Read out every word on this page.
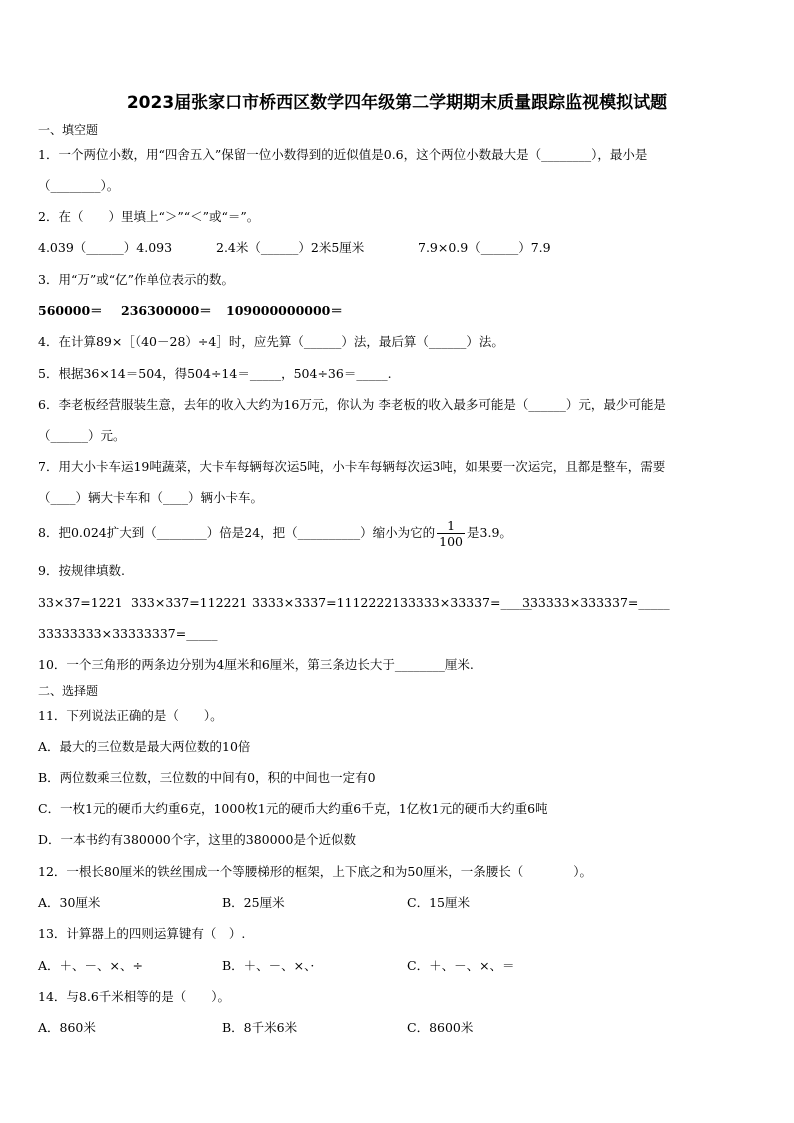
2023届张家口市桥西区数学四年级第二学期期末质量跟踪监视模拟试题
一、填空题
1．一个两位小数，用“四舍五入”保留一位小数得到的近似值是0.6，这个两位小数最大是（________），最小是
（________）。
2．在（　　）里填上“＞”“＜”或“＝”。
4.039（______）4.093	2.4米（______）2米5厘米	7.9×0.9（______）7.9
3．用“万”或“亿”作单位表示的数。
560000＝ 236300000＝ 109000000000＝
4．在计算89×［（40－28）÷4］时，应先算（______）法，最后算（______）法。
5．根据36×14＝504，得504÷14＝_____，504÷36＝_____.
6．李老板经营服装生意，去年的收入大约为16万元，你认为 李老板的收入最多可能是（______）元，最少可能是
（______）元。
7．用大小卡车运19吨蔬菜，大卡车每辆每次运5吨，小卡车每辆每次运3吨，如果要一次运完，且都是整车，需要
（____）辆大卡车和（____）辆小卡车。
8．把0.024扩大到（________）倍是24，把（__________）缩小为它的 $\frac{1}{100}$ 是3.9。
9．按规律填数.
33×37=1221 333×337=112221 3333×3337=11122221 33333×33337=_____
333333×333337=_____
33333333×33333337=_____
10．一个三角形的两条边分别为4厘米和6厘米，第三条边长大于________厘米.
二、选择题
11．下列说法正确的是（　　）。
A．最大的三位数是最大两位数的10倍
B．两位数乘三位数，三位数的中间有0，积的中间也一定有0
C．一枚1元的硬币大约重6克，1000枚1元的硬币大约重6千克，1亿枚1元的硬币大约重6吨
D．一本书约有380000个字，这里的380000是个近似数
12．一根长80厘米的铁丝围成一个等腰梯形的框架，上下底之和为50厘米，一条腰长（　　　　）。
A．30厘米	B．25厘米	C．15厘米
13．计算器上的四则运算键有（　）.
A．＋、－、×、÷	B．＋、－、×、·	C．＋、－、×、＝
14．与8.6千米相等的是（　　）。
A．860米	B．8千米6米	C．8600米
